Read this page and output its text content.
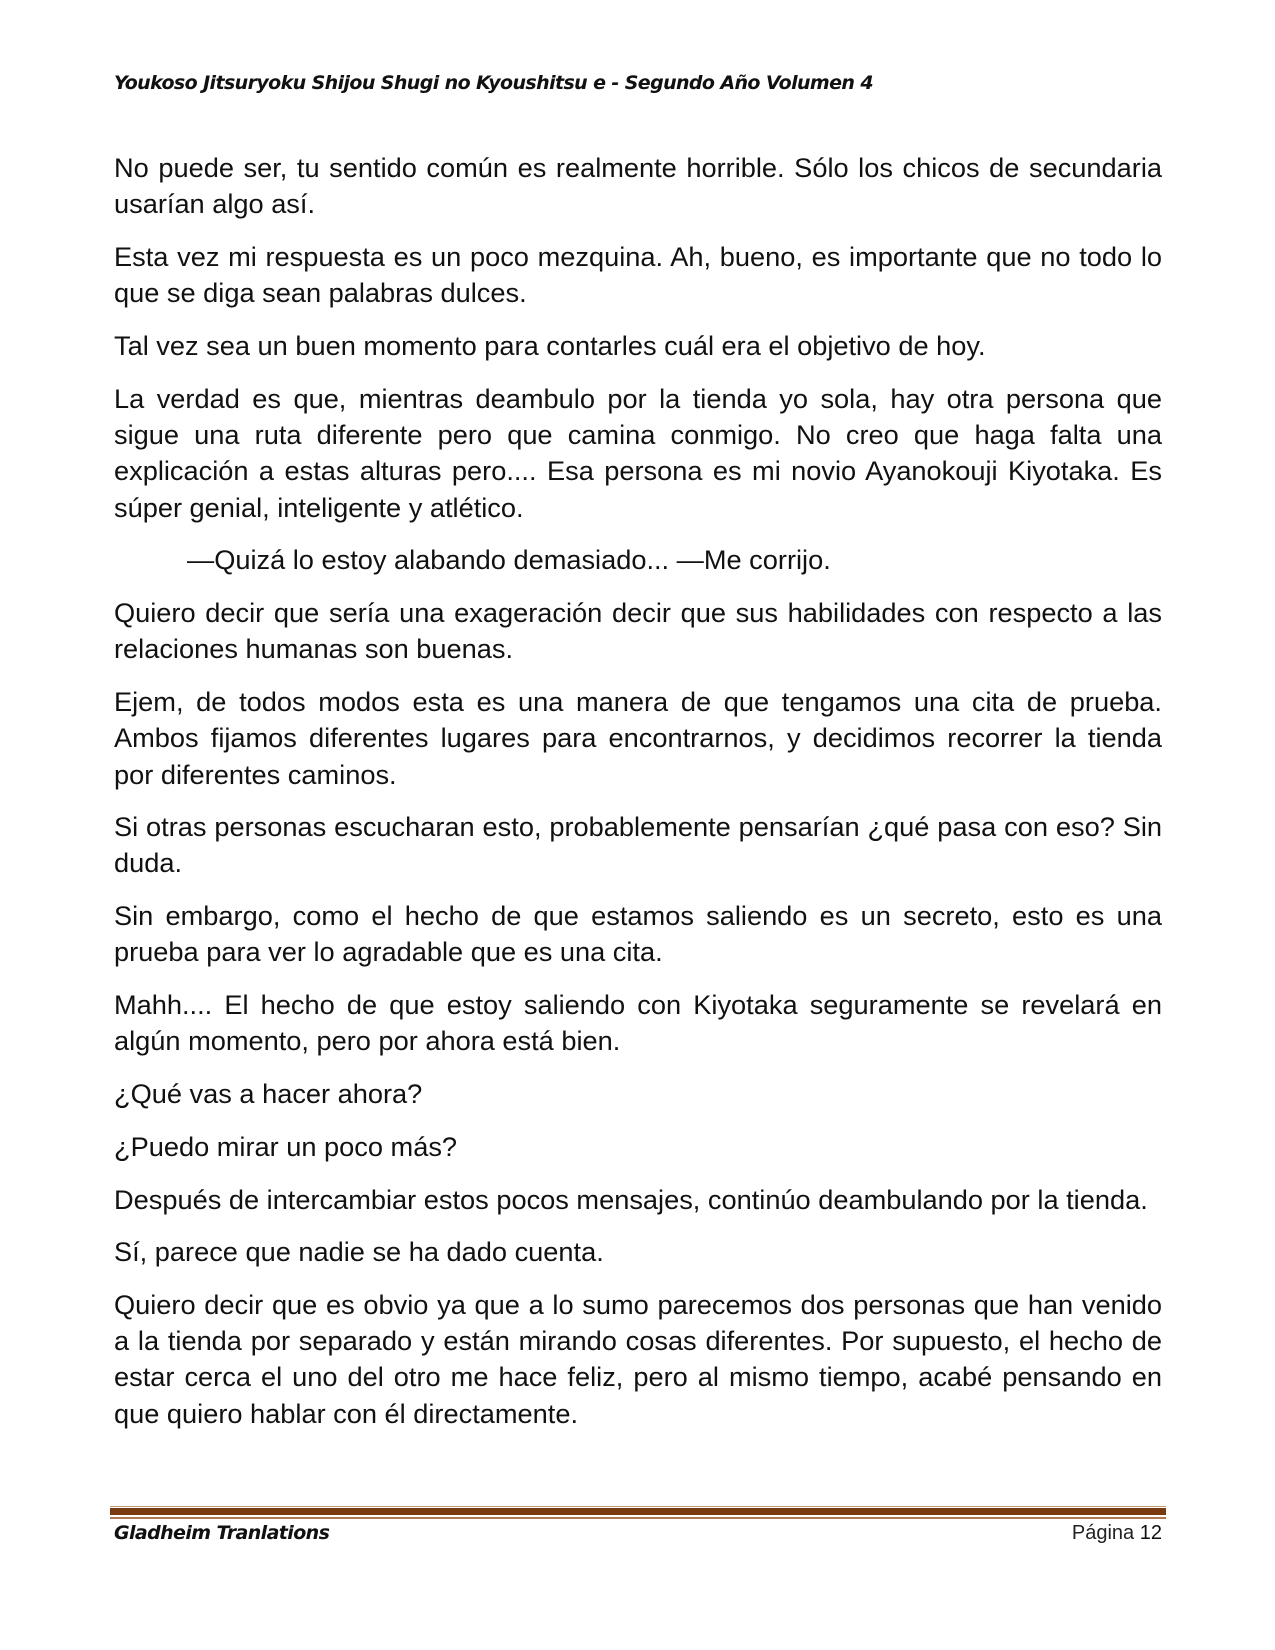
Youkoso Jitsuryoku Shijou Shugi no Kyoushitsu e - Segundo Año Volumen 4

No puede ser, tu sentido común es realmente horrible. Sólo los chicos de secundaria usarían algo así.

Esta vez mi respuesta es un poco mezquina. Ah, bueno, es importante que no todo lo que se diga sean palabras dulces.

Tal vez sea un buen momento para contarles cuál era el objetivo de hoy.

La verdad es que, mientras deambulo por la tienda yo sola, hay otra persona que sigue una ruta diferente pero que camina conmigo. No creo que haga falta una explicación a estas alturas pero.... Esa persona es mi novio Ayanokouji Kiyotaka. Es súper genial, inteligente y atlético.

—Quizá lo estoy alabando demasiado... —Me corrijo.

Quiero decir que sería una exageración decir que sus habilidades con respecto a las relaciones humanas son buenas.

Ejem, de todos modos esta es una manera de que tengamos una cita de prueba. Ambos fijamos diferentes lugares para encontrarnos, y decidimos recorrer la tienda por diferentes caminos.

Si otras personas escucharan esto, probablemente pensarían ¿qué pasa con eso? Sin duda.

Sin embargo, como el hecho de que estamos saliendo es un secreto, esto es una prueba para ver lo agradable que es una cita.

Mahh.... El hecho de que estoy saliendo con Kiyotaka seguramente se revelará en algún momento, pero por ahora está bien.

¿Qué vas a hacer ahora?

¿Puedo mirar un poco más?

Después de intercambiar estos pocos mensajes, continúo deambulando por la tienda.

Sí, parece que nadie se ha dado cuenta.

Quiero decir que es obvio ya que a lo sumo parecemos dos personas que han venido a la tienda por separado y están mirando cosas diferentes. Por supuesto, el hecho de estar cerca el uno del otro me hace feliz, pero al mismo tiempo, acabé pensando en que quiero hablar con él directamente.

Gladheim Tranlations	Página 12
